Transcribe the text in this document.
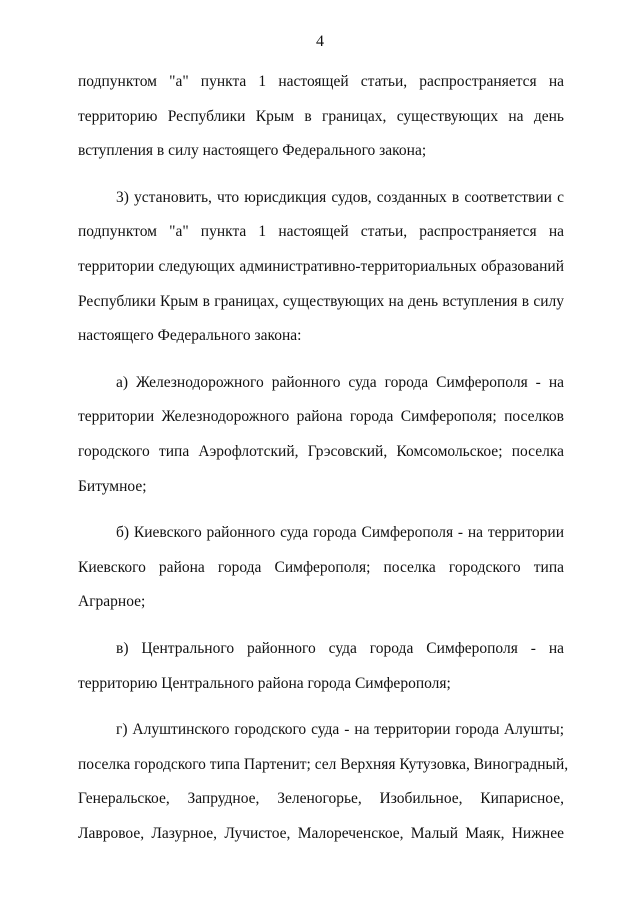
4
подпунктом "а" пункта 1 настоящей статьи, распространяется на
территорию Республики Крым в границах, существующих на день
вступления в силу настоящего Федерального закона;
3) установить, что юрисдикция судов, созданных в соответствии с
подпунктом "а" пункта 1 настоящей статьи, распространяется на
территории следующих административно-территориальных образований
Республики Крым в границах, существующих на день вступления в силу
настоящего Федерального закона:
а) Железнодорожного районного суда города Симферополя - на
территории Железнодорожного района города Симферополя; поселков
городского типа Аэрофлотский, Грэсовский, Комсомольское; поселка
Битумное;
б) Киевского районного суда города Симферополя - на территории
Киевского района города Симферополя; поселка городского типа
Аграрное;
в) Центрального районного суда города Симферополя - на
территорию Центрального района города Симферополя;
г) Алуштинского городского суда - на территории города Алушты;
поселка городского типа Партенит; сел Верхняя Кутузовка, Виноградный,
Генеральское, Запрудное, Зеленогорье, Изобильное, Кипарисное,
Лавровое, Лазурное, Лучистое, Малореченское, Малый Маяк, Нижнее
